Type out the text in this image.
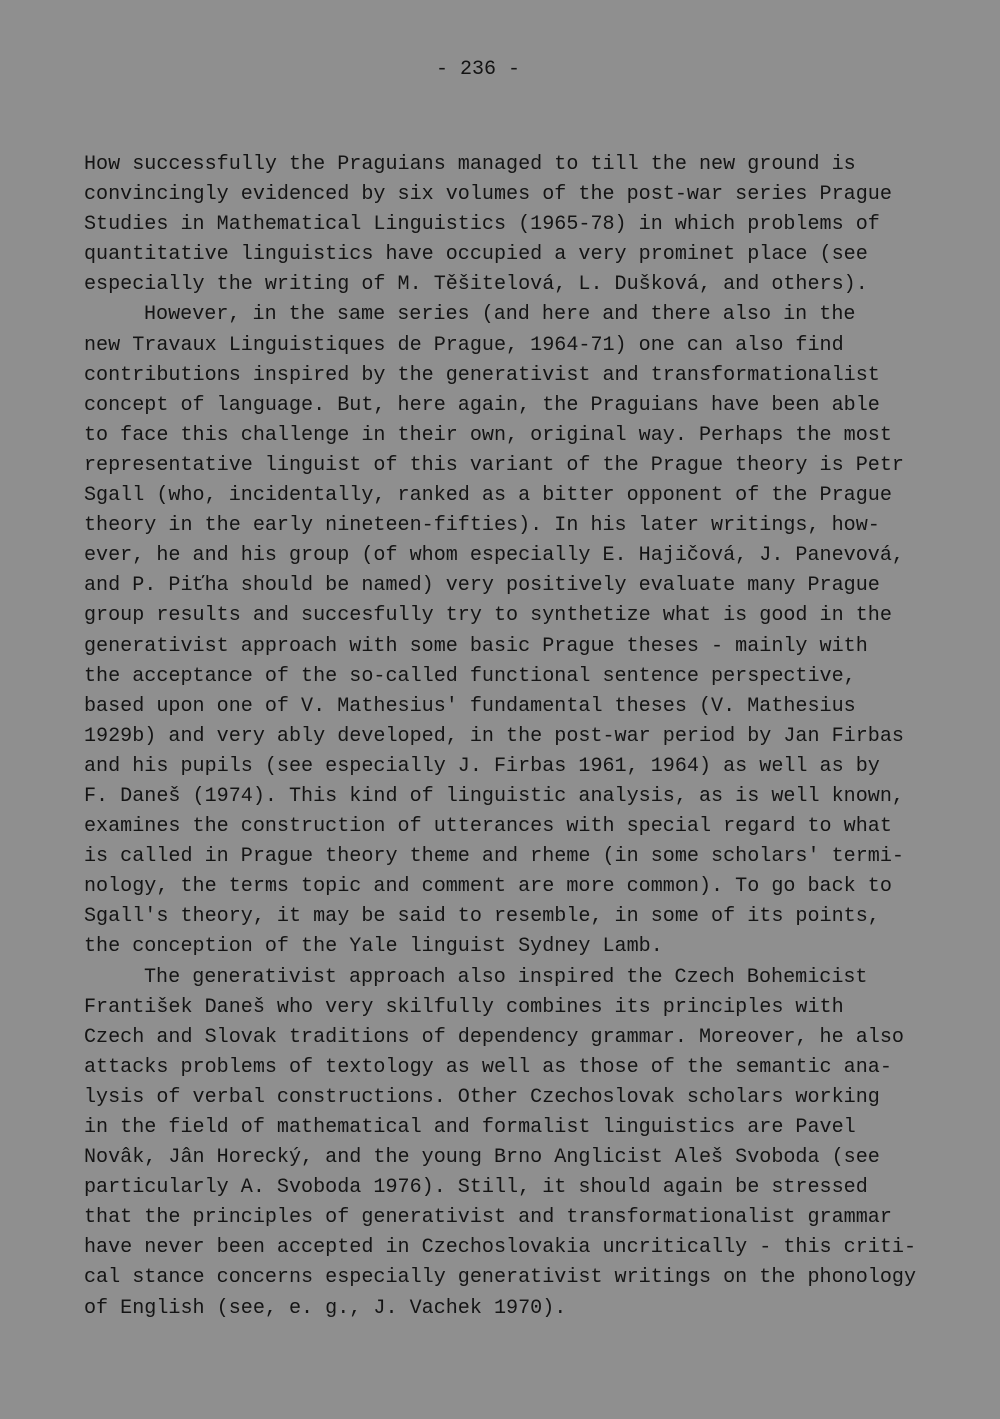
- 236 -
How successfully the Praguians managed to till the new ground is
convincingly evidenced by six volumes of the post-war series Prague
Studies in Mathematical Linguistics (1965-78) in which problems of
quantitative linguistics have occupied a very prominet place (see
especially the writing of M. Těšitelová, L. Dušková, and others).
However, in the same series (and here and there also in the
new Travaux Linguistiques de Prague, 1964-71) one can also find
contributions inspired by the generativist and transformationalist
concept of language. But, here again, the Praguians have been able
to face this challenge in their own, original way. Perhaps the most
representative linguist of this variant of the Prague theory is Petr
Sgall (who, incidentally, ranked as a bitter opponent of the Prague
theory in the early nineteen-fifties). In his later writings, how-
ever, he and his group (of whom especially E. Hajičová, J. Panevová,
and P. Piťha should be named) very positively evaluate many Prague
group results and succesfully try to synthetize what is good in the
generativist approach with some basic Prague theses - mainly with
the acceptance of the so-called functional sentence perspective,
based upon one of V. Mathesius' fundamental theses (V. Mathesius
1929b) and very ably developed, in the post-war period by Jan Firbas
and his pupils (see especially J. Firbas 1961, 1964) as well as by
F. Daneš (1974). This kind of linguistic analysis, as is well known,
examines the construction of utterances with special regard to what
is called in Prague theory theme and rheme (in some scholars' termi-
nology, the terms topic and comment are more common). To go back to
Sgall's theory, it may be said to resemble, in some of its points,
the conception of the Yale linguist Sydney Lamb.
The generativist approach also inspired the Czech Bohemicist
František Daneš who very skilfully combines its principles with
Czech and Slovak traditions of dependency grammar. Moreover, he also
attacks problems of textology as well as those of the semantic ana-
lysis of verbal constructions. Other Czechoslovak scholars working
in the field of mathematical and formalist linguistics are Pavel
Novâk, Jân Horecký, and the young Brno Anglicist Aleš Svoboda (see
particularly A. Svoboda 1976). Still, it should again be stressed
that the principles of generativist and transformationalist grammar
have never been accepted in Czechoslovakia uncritically - this criti-
cal stance concerns especially generativist writings on the phonology
of English (see, e. g., J. Vachek 1970).
